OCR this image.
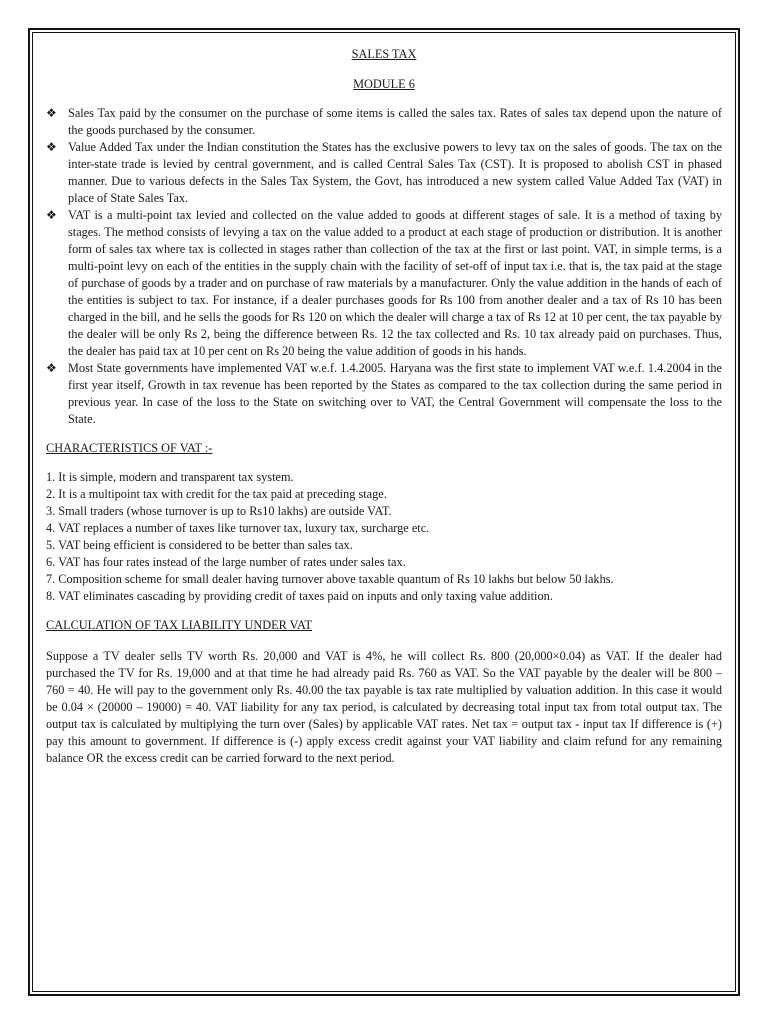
SALES TAX
MODULE 6
❖ Sales Tax paid by the consumer on the purchase of some items is called the sales tax. Rates of sales tax depend upon the nature of the goods purchased by the consumer.
❖ Value Added Tax under the Indian constitution the States has the exclusive powers to levy tax on the sales of goods. The tax on the inter-state trade is levied by central government, and is called Central Sales Tax (CST). It is proposed to abolish CST in phased manner. Due to various defects in the Sales Tax System, the Govt, has introduced a new system called Value Added Tax (VAT) in place of State Sales Tax.
❖ VAT is a multi-point tax levied and collected on the value added to goods at different stages of sale. It is a method of taxing by stages. The method consists of levying a tax on the value added to a product at each stage of production or distribution. It is another form of sales tax where tax is collected in stages rather than collection of the tax at the first or last point. VAT, in simple terms, is a multi-point levy on each of the entities in the supply chain with the facility of set-off of input tax i.e. that is, the tax paid at the stage of purchase of goods by a trader and on purchase of raw materials by a manufacturer. Only the value addition in the hands of each of the entities is subject to tax. For instance, if a dealer purchases goods for Rs 100 from another dealer and a tax of Rs 10 has been charged in the bill, and he sells the goods for Rs 120 on which the dealer will charge a tax of Rs 12 at 10 per cent, the tax payable by the dealer will be only Rs 2, being the difference between Rs. 12 the tax collected and Rs. 10 tax already paid on purchases. Thus, the dealer has paid tax at 10 per cent on Rs 20 being the value addition of goods in his hands.
❖ Most State governments have implemented VAT w.e.f. 1.4.2005. Haryana was the first state to implement VAT w.e.f. 1.4.2004 in the first year itself, Growth in tax revenue has been reported by the States as compared to the tax collection during the same period in previous year. In case of the loss to the State on switching over to VAT, the Central Government will compensate the loss to the State.
CHARACTERISTICS OF VAT :-
1. It is simple, modern and transparent tax system.
2. It is a multipoint tax with credit for the tax paid at preceding stage.
3. Small traders (whose turnover is up to Rs10 lakhs) are outside VAT.
4. VAT replaces a number of taxes like turnover tax, luxury tax, surcharge etc.
5. VAT being efficient is considered to be better than sales tax.
6. VAT has four rates instead of the large number of rates under sales tax.
7. Composition scheme for small dealer having turnover above taxable quantum of Rs 10 lakhs but below 50 lakhs.
8. VAT eliminates cascading by providing credit of taxes paid on inputs and only taxing value addition.
CALCULATION OF TAX LIABILITY UNDER VAT

Suppose a TV dealer sells TV worth Rs. 20,000 and VAT is 4%, he will collect Rs. 800 (20,000×0.04) as VAT. If the dealer had purchased the TV for Rs. 19,000 and at that time he had already paid Rs. 760 as VAT. So the VAT payable by the dealer will be 800 – 760 = 40. He will pay to the government only Rs. 40.00 the tax payable is tax rate multiplied by valuation addition. In this case it would be 0.04 × (20000 – 19000) = 40. VAT liability for any tax period, is calculated by decreasing total input tax from total output tax. The output tax is calculated by multiplying the turn over (Sales) by applicable VAT rates. Net tax = output tax - input tax If difference is (+) pay this amount to government. If difference is (-) apply excess credit against your VAT liability and claim refund for any remaining balance OR the excess credit can be carried forward to the next period.
